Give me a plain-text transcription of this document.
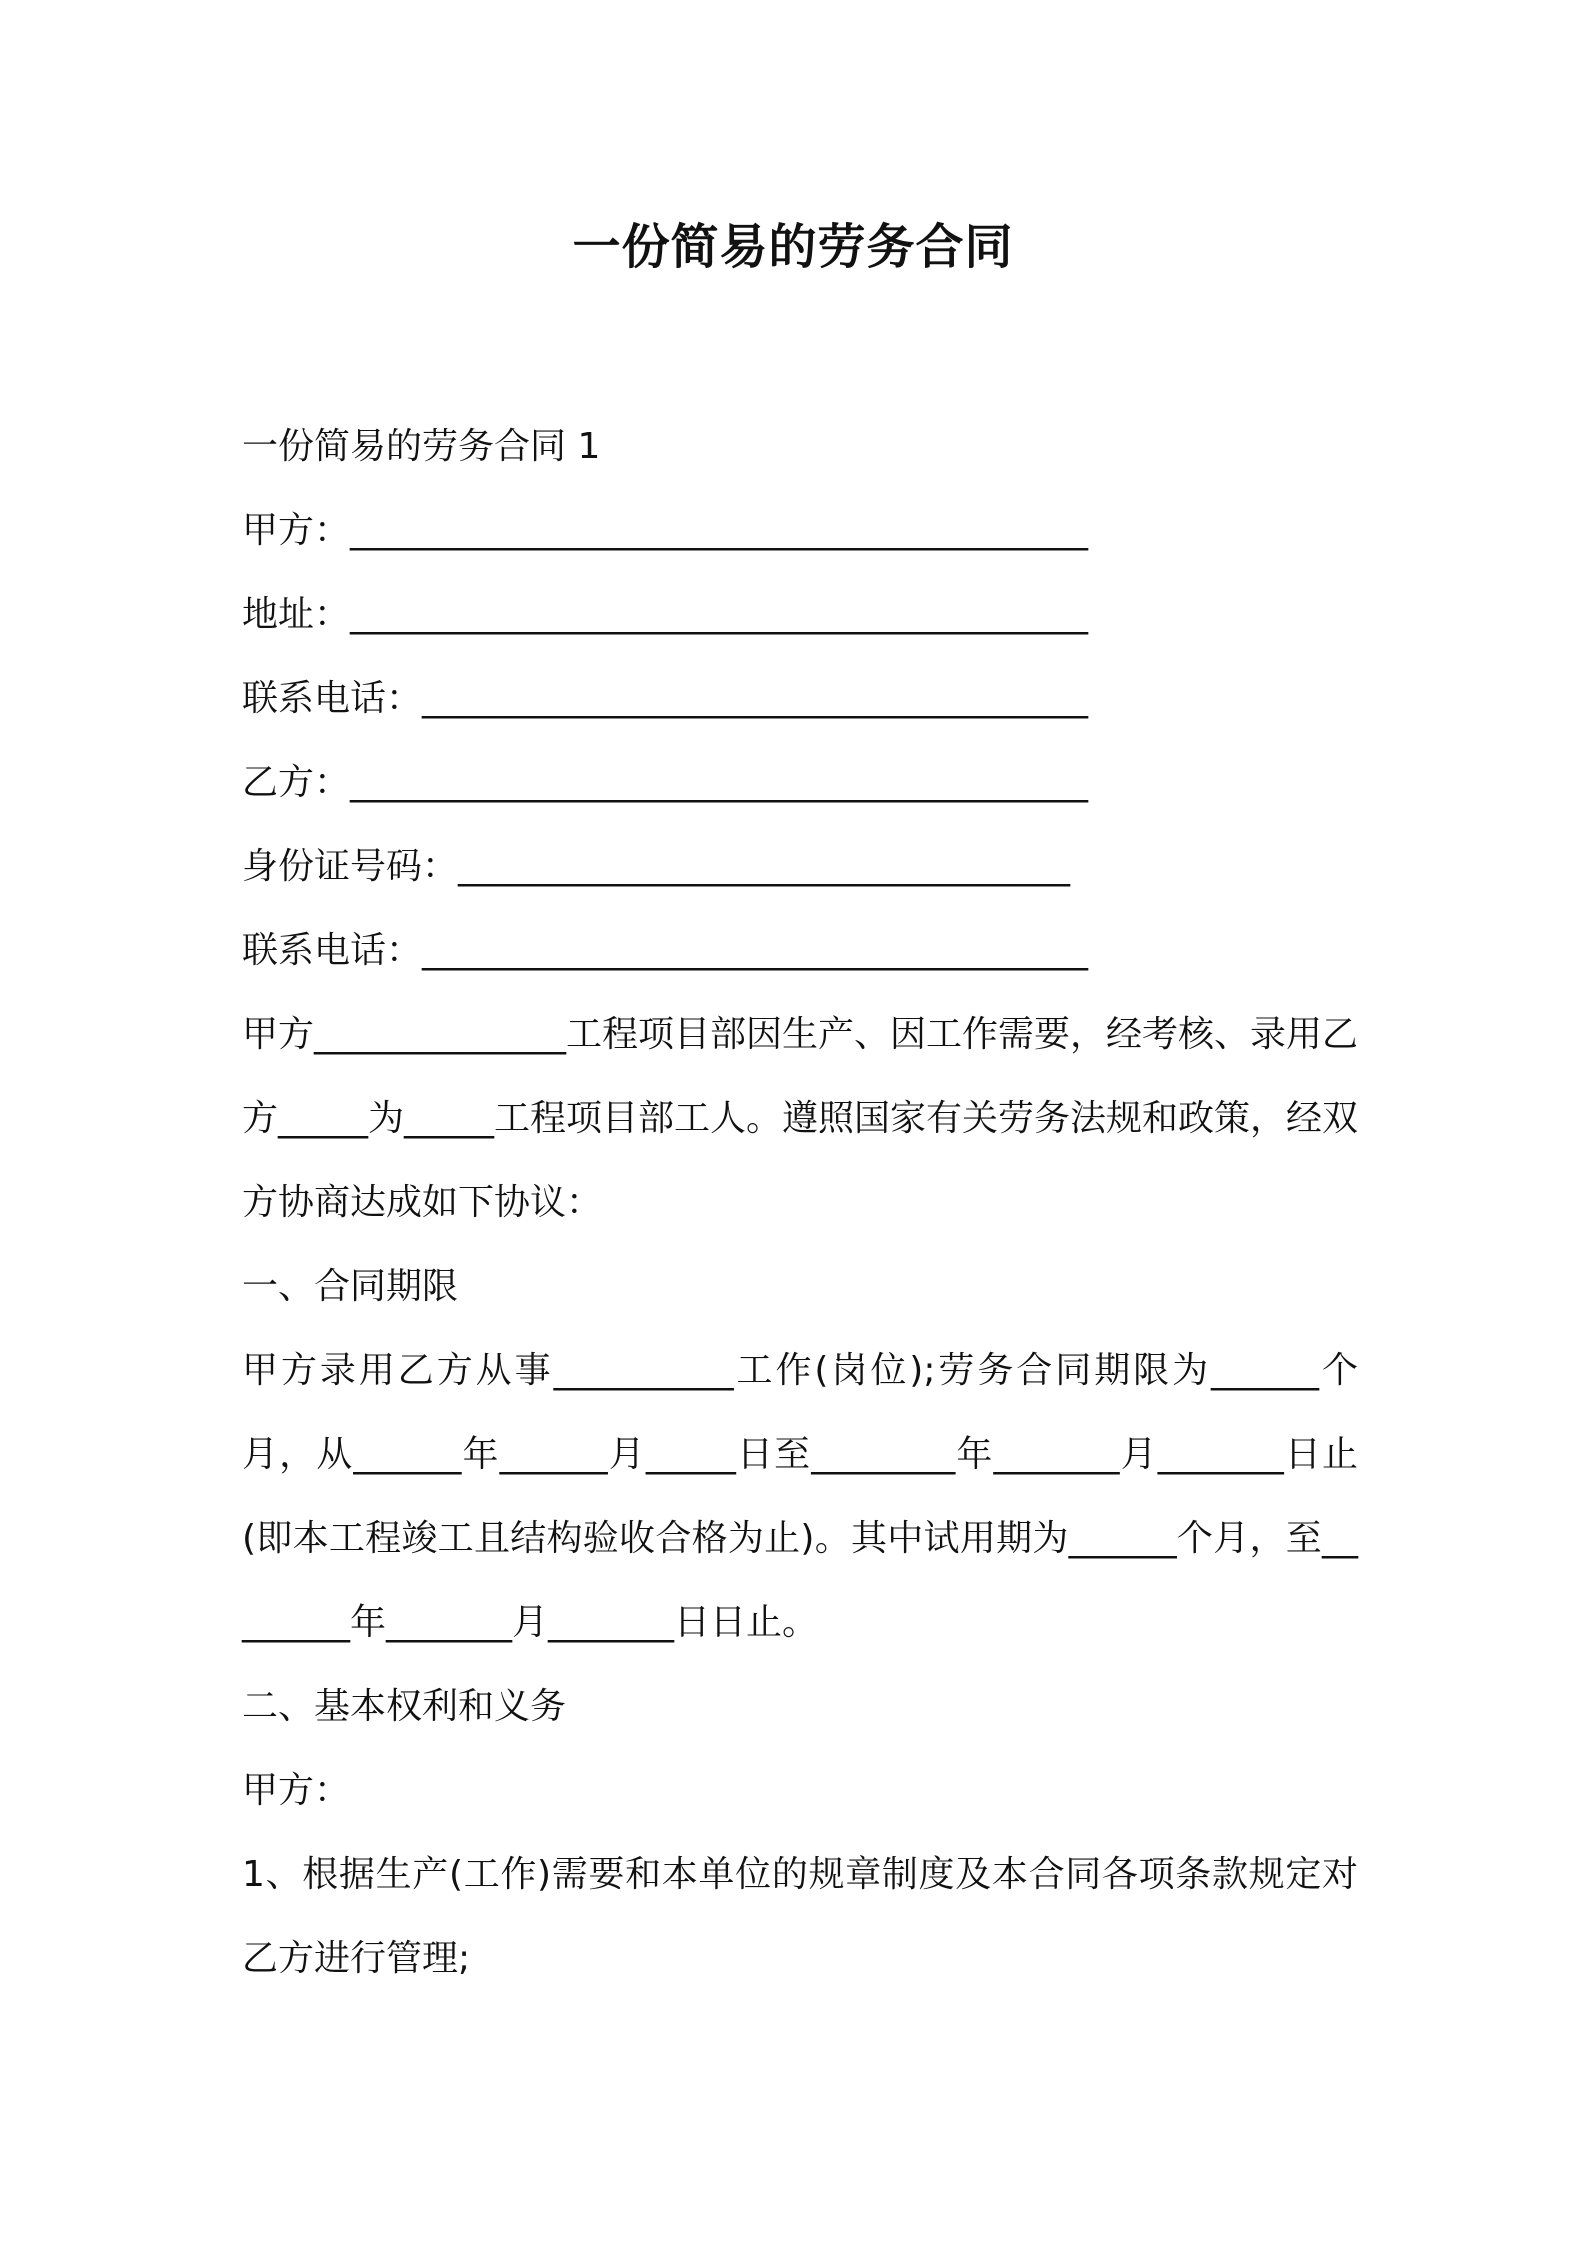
一份简易的劳务合同
一份简易的劳务合同 1
甲方：_________________________________________
地址：_________________________________________
联系电话：_____________________________________
乙方：_________________________________________
身份证号码：__________________________________
联系电话：_____________________________________
甲方______________工程项目部因生产、因工作需要，经考核、录用乙方_____为_____工程项目部工人。遵照国家有关劳务法规和政策，经双方协商达成如下协议：
一、合同期限
甲方录用乙方从事__________工作(岗位);劳务合同期限为______个月，从______年______月_____日至________年_______月_______日止(即本工程竣工且结构验收合格为止)。其中试用期为______个月，至________年_______月_______日日止。
二、基本权利和义务
甲方：
1、根据生产(工作)需要和本单位的规章制度及本合同各项条款规定对乙方进行管理;
